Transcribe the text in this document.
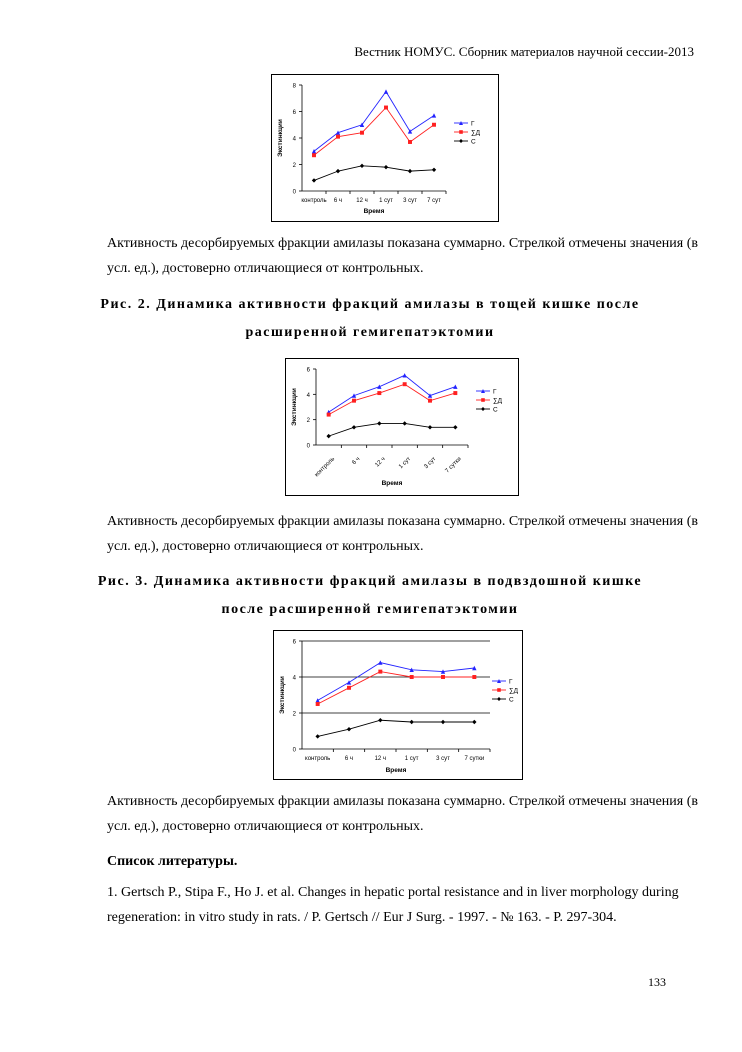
Вестник НОМУС. Сборник материалов научной сессии-2013
0
2
4
6
8
контроль 6 ч 12 ч 1 сут 3 сут 7 сут
Время
Экстинкции	Г
∑Д
С
Активность десорбируемых фракции амилазы показана суммарно. Стрелкой отмечены значения (в усл. ед.), достоверно отличающиеся от контрольных.
Рис. 2. Динамика активности фракций амилазы в тощей кишке после
расширенной гемигепатэктомии
0
2
4
6
контроль	6 ч 12 ч 1 сут 3 сут 7 сутки
Время
Экстинкции	Г
∑Д
С
Активность десорбируемых фракции амилазы показана суммарно. Стрелкой отмечены значения (в усл. ед.), достоверно отличающиеся от контрольных.
Рис. 3. Динамика активности фракций амилазы в подвздошной кишке
после расширенной гемигепатэктомии
0
2
4
6
контроль 6 ч	12 ч	1 сут	3 сут 7 сутки
Время
Экстинкции	Г
∑Д
С
Активность десорбируемых фракции амилазы показана суммарно. Стрелкой отмечены значения (в усл. ед.), достоверно отличающиеся от контрольных.
Список литературы.
1. Gertsch P., Stipa F., Ho J. et al. Changes in hepatic portal resistance and in liver morphology during regeneration: in vitro study in rats. / P. Gertsch // Eur J Surg. - 1997. - № 163. - P. 297-304.
133
